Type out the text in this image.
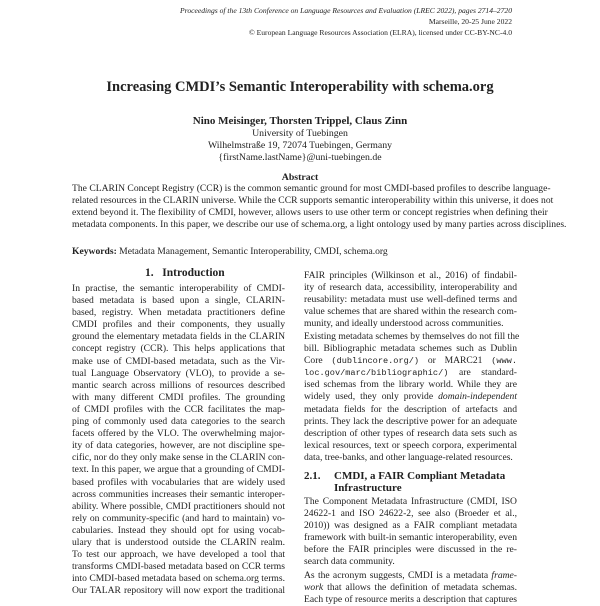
Proceedings of the 13th Conference on Language Resources and Evaluation (LREC 2022), pages 2714–2720
Marseille, 20-25 June 2022
© European Language Resources Association (ELRA), licensed under CC-BY-NC-4.0
Increasing CMDI’s Semantic Interoperability with schema.org
Nino Meisinger, Thorsten Trippel, Claus Zinn
University of Tuebingen
Wilhelmstraße 19, 72074 Tuebingen, Germany
{firstName.lastName}@uni-tuebingen.de
Abstract
The CLARIN Concept Registry (CCR) is the common semantic ground for most CMDI-based profiles to describe language-
related resources in the CLARIN universe. While the CCR supports semantic interoperability within this universe, it does not
extend beyond it. The flexibility of CMDI, however, allows users to use other term or concept registries when defining their
metadata components. In this paper, we describe our use of schema.org, a light ontology used by many parties across disciplines.
Keywords: Metadata Management, Semantic Interoperability, CMDI, schema.org
1. Introduction
In practise, the semantic interoperability of CMDI-
based metadata is based upon a single, CLARIN-
based, registry. When metadata practitioners define
CMDI profiles and their components, they usually
ground the elementary metadata fields in the CLARIN
concept registry (CCR). This helps applications that
make use of CMDI-based metadata, such as the Vir-
tual Language Observatory (VLO), to provide a se-
mantic search across millions of resources described
with many different CMDI profiles. The grounding
of CMDI profiles with the CCR facilitates the map-
ping of commonly used data categories to the search
facets offered by the VLO. The overwhelming major-
ity of data categories, however, are not discipline spe-
cific, nor do they only make sense in the CLARIN con-
text. In this paper, we argue that a grounding of CMDI-
based profiles with vocabularies that are widely used
across communities increases their semantic interoper-
ability. Where possible, CMDI practitioners should not
rely on community-specific (and hard to maintain) vo-
cabularies. Instead they should opt for using vocab-
ulary that is understood outside the CLARIN realm.
To test our approach, we have developed a tool that
transforms CMDI-based metadata based on CCR terms
into CMDI-based metadata based on schema.org terms.
Our TALAR repository will now export the traditional
FAIR principles (Wilkinson et al., 2016) of findabil-
ity of research data, accessibility, interoperability and
reusability: metadata must use well-defined terms and
value schemes that are shared within the research com-
munity, and ideally understood across communities.
Existing metadata schemes by themselves do not fill the
bill. Bibliographic metadata schemes such as Dublin
Core (dublincore.org/) or MARC21 (www.
loc.gov/marc/bibliographic/) are standard-
ised schemas from the library world. While they are
widely used, they only provide domain-independent
metadata fields for the description of artefacts and
prints. They lack the descriptive power for an adequate
description of other types of research data sets such as
lexical resources, text or speech corpora, experimental
data, tree-banks, and other language-related resources.
2.1. CMDI, a FAIR Compliant Metadata
Infrastructure
The Component Metadata Infrastructure (CMDI, ISO
24622-1 and ISO 24622-2, see also (Broeder et al.,
2010)) was designed as a FAIR compliant metadata
framework with built-in semantic interoperability, even
before the FAIR principles were discussed in the re-
search data community.
As the acronym suggests, CMDI is a metadata frame-
work that allows the definition of metadata schemas.
Each type of resource merits a description that captures
